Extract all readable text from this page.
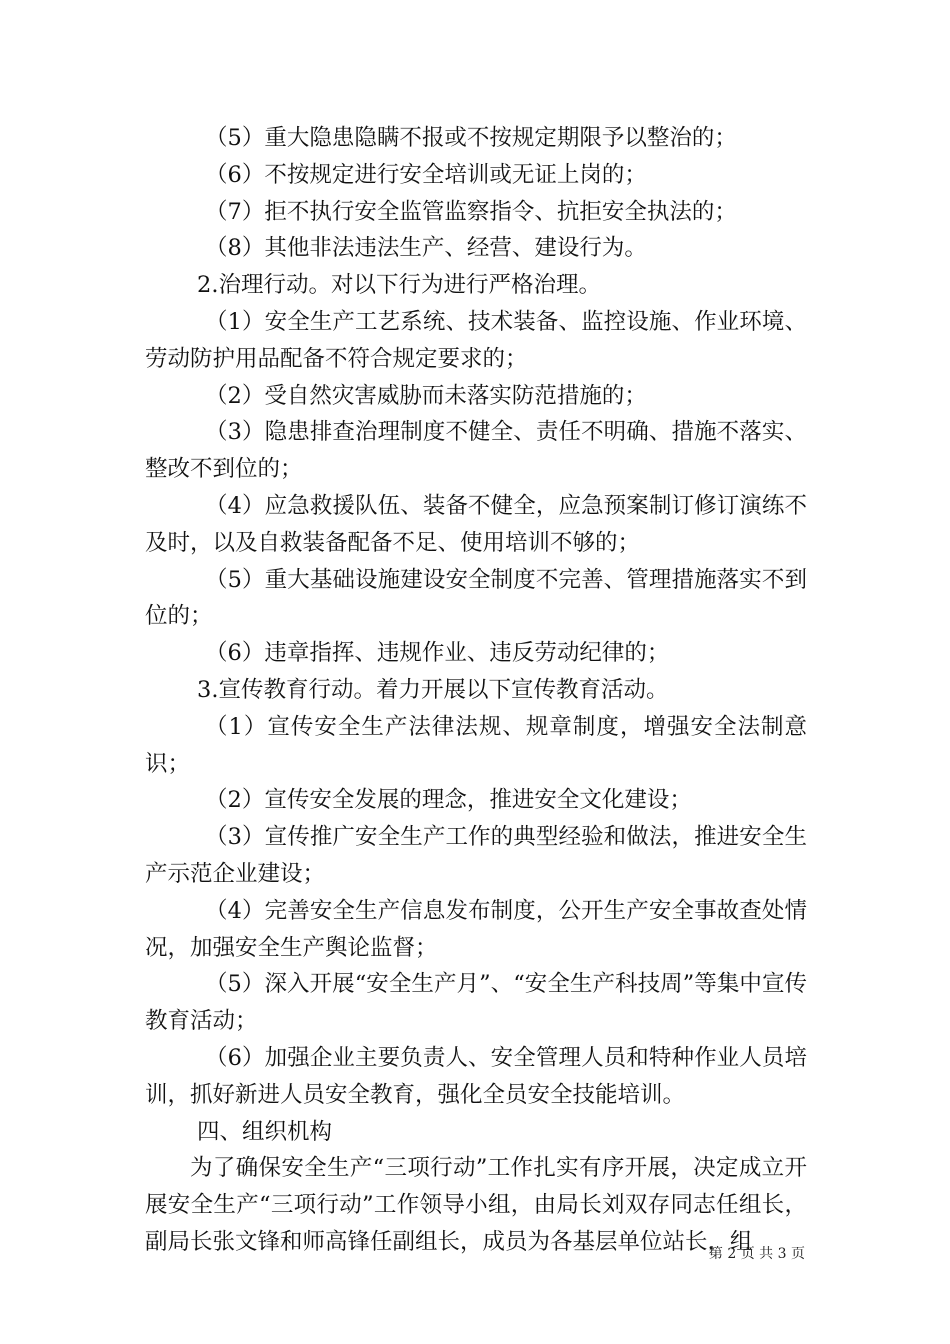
（5）重大隐患隐瞒不报或不按规定期限予以整治的；

（6）不按规定进行安全培训或无证上岗的；

（7）拒不执行安全监管监察指令、抗拒安全执法的；

（8）其他非法违法生产、经营、建设行为。

2.治理行动。对以下行为进行严格治理。

（1）安全生产工艺系统、技术装备、监控设施、作业环境、劳动防护用品配备不符合规定要求的；

（2）受自然灾害威胁而未落实防范措施的；

（3）隐患排查治理制度不健全、责任不明确、措施不落实、整改不到位的；

（4）应急救援队伍、装备不健全，应急预案制订修订演练不及时，以及自救装备配备不足、使用培训不够的；

（5）重大基础设施建设安全制度不完善、管理措施落实不到位的；

（6）违章指挥、违规作业、违反劳动纪律的；

3.宣传教育行动。着力开展以下宣传教育活动。

（1）宣传安全生产法律法规、规章制度，增强安全法制意识；

（2）宣传安全发展的理念，推进安全文化建设；

（3）宣传推广安全生产工作的典型经验和做法，推进安全生产示范企业建设；

（4）完善安全生产信息发布制度，公开生产安全事故查处情况，加强安全生产舆论监督；

（5）深入开展“安全生产月”、“安全生产科技周”等集中宣传教育活动；

（6）加强企业主要负责人、安全管理人员和特种作业人员培训，抓好新进人员安全教育，强化全员安全技能培训。

四、组织机构

为了确保安全生产“三项行动”工作扎实有序开展，决定成立开展安全生产“三项行动”工作领导小组，由局长刘双存同志任组长，副局长张文锋和师高锋任副组长，成员为各基层单位站长，组

第 2 页 共 3 页
